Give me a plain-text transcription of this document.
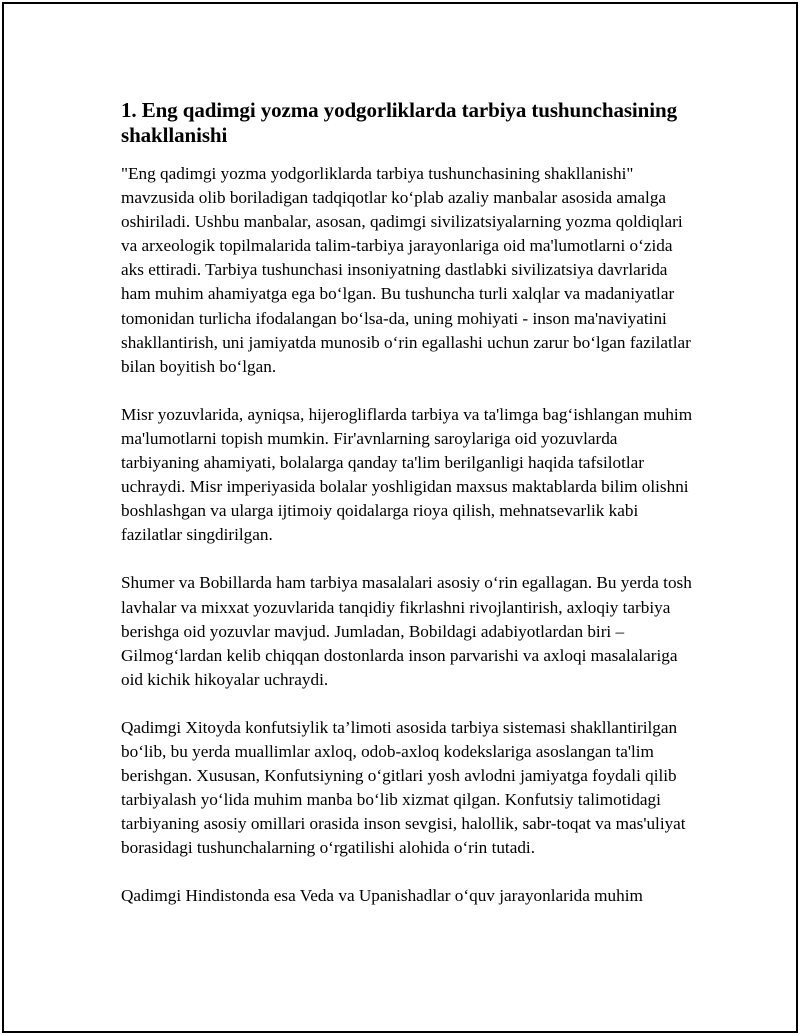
1. Eng qadimgi yozma yodgorliklarda tarbiya tushunchasining shakllanishi

"Eng qadimgi yozma yodgorliklarda tarbiya tushunchasining shakllanishi" mavzusida olib boriladigan tadqiqotlar ko‘plab azaliy manbalar asosida amalga oshiriladi. Ushbu manbalar, asosan, qadimgi sivilizatsiyalarning yozma qoldiqlari va arxeologik topilmalarida talim-tarbiya jarayonlariga oid ma'lumotlarni o‘zida aks ettiradi. Tarbiya tushunchasi insoniyatning dastlabki sivilizatsiya davrlarida ham muhim ahamiyatga ega bo‘lgan. Bu tushuncha turli xalqlar va madaniyatlar tomonidan turlicha ifodalangan bo‘lsa-da, uning mohiyati - inson ma'naviyatini shakllantirish, uni jamiyatda munosib o‘rin egallashi uchun zarur bo‘lgan fazilatlar bilan boyitish bo‘lgan.

Misr yozuvlarida, ayniqsa, hijerogliflarda tarbiya va ta'limga bag‘ishlangan muhim ma'lumotlarni topish mumkin. Fir'avnlarning saroylariga oid yozuvlarda tarbiyaning ahamiyati, bolalarga qanday ta'lim berilganligi haqida tafsilotlar uchraydi. Misr imperiyasida bolalar yoshligidan maxsus maktablarda bilim olishni boshlashgan va ularga ijtimoiy qoidalarga rioya qilish, mehnatsevarlik kabi fazilatlar singdirilgan.

Shumer va Bobillarda ham tarbiya masalalari asosiy o‘rin egallagan. Bu yerda tosh lavhalar va mixxat yozuvlarida tanqidiy fikrlashni rivojlantirish, axloqiy tarbiya berishga oid yozuvlar mavjud. Jumladan, Bobildagi adabiyotlardan biri – Gilmog‘lardan kelib chiqqan dostonlarda inson parvarishi va axloqi masalalariga oid kichik hikoyalar uchraydi.

Qadimgi Xitoyda konfutsiylik ta’limoti asosida tarbiya sistemasi shakllantirilgan bo‘lib, bu yerda muallimlar axloq, odob-axloq kodekslariga asoslangan ta'lim berishgan. Xususan, Konfutsiyning o‘gitlari yosh avlodni jamiyatga foydali qilib tarbiyalash yo‘lida muhim manba bo‘lib xizmat qilgan. Konfutsiy talimotidagi tarbiyaning asosiy omillari orasida inson sevgisi, halollik, sabr-toqat va mas'uliyat borasidagi tushunchalarning o‘rgatilishi alohida o‘rin tutadi.

Qadimgi Hindistonda esa Veda va Upanishadlar o‘quv jarayonlarida muhim
